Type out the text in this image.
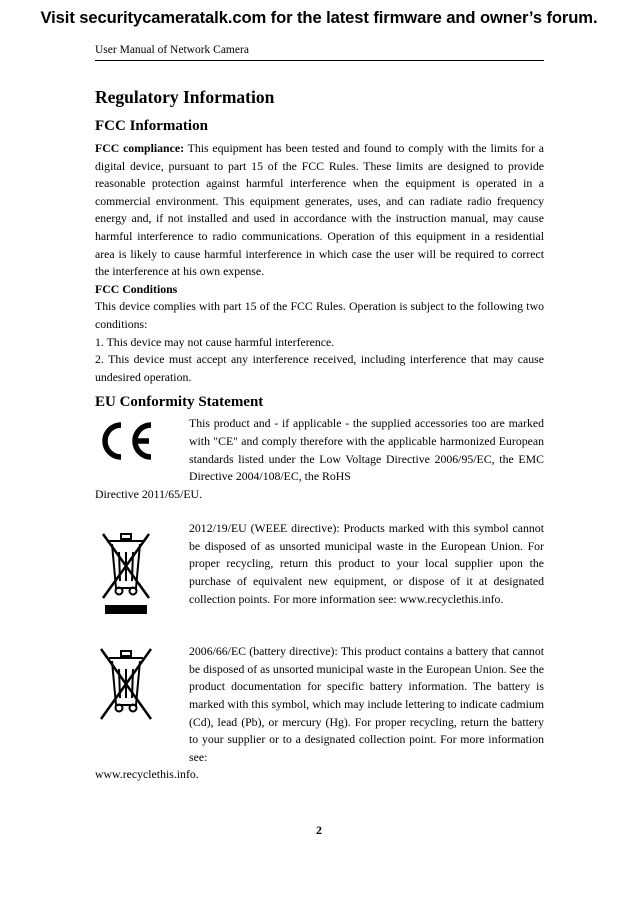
Visit securitycameratalk.com for the latest firmware and owner’s forum.
User Manual of Network Camera
Regulatory Information
FCC Information

FCC compliance: This equipment has been tested and found to comply with the limits for a digital device, pursuant to part 15 of the FCC Rules. These limits are designed to provide reasonable protection against harmful interference when the equipment is operated in a commercial environment. This equipment generates, uses, and can radiate radio frequency energy and, if not installed and used in accordance with the instruction manual, may cause harmful interference to radio communications. Operation of this equipment in a residential area is likely to cause harmful interference in which case the user will be required to correct the interference at his own expense.

FCC Conditions

This device complies with part 15 of the FCC Rules. Operation is subject to the following two conditions:

1. This device may not cause harmful interference.

2. This device must accept any interference received, including interference that may cause undesired operation.

EU Conformity Statement
This product and - if applicable - the supplied accessories too are marked with "CE" and comply therefore with the applicable harmonized European standards listed under the Low Voltage Directive 2006/95/EC, the EMC Directive 2004/108/EC, the RoHS
Directive 2011/65/EU.
2012/19/EU (WEEE directive): Products marked with this symbol cannot be disposed of as unsorted municipal waste in the European Union. For proper recycling, return this product to your local supplier upon the purchase of equivalent new equipment, or dispose of it at designated collection points. For more information see: www.recyclethis.info.
2006/66/EC (battery directive): This product contains a battery that cannot be disposed of as unsorted municipal waste in the European Union. See the product documentation for specific battery information. The battery is marked with this symbol, which may include lettering to indicate cadmium (Cd), lead (Pb), or mercury (Hg). For proper recycling, return the battery to your supplier or to a designated collection point. For more information see:
www.recyclethis.info.
2
